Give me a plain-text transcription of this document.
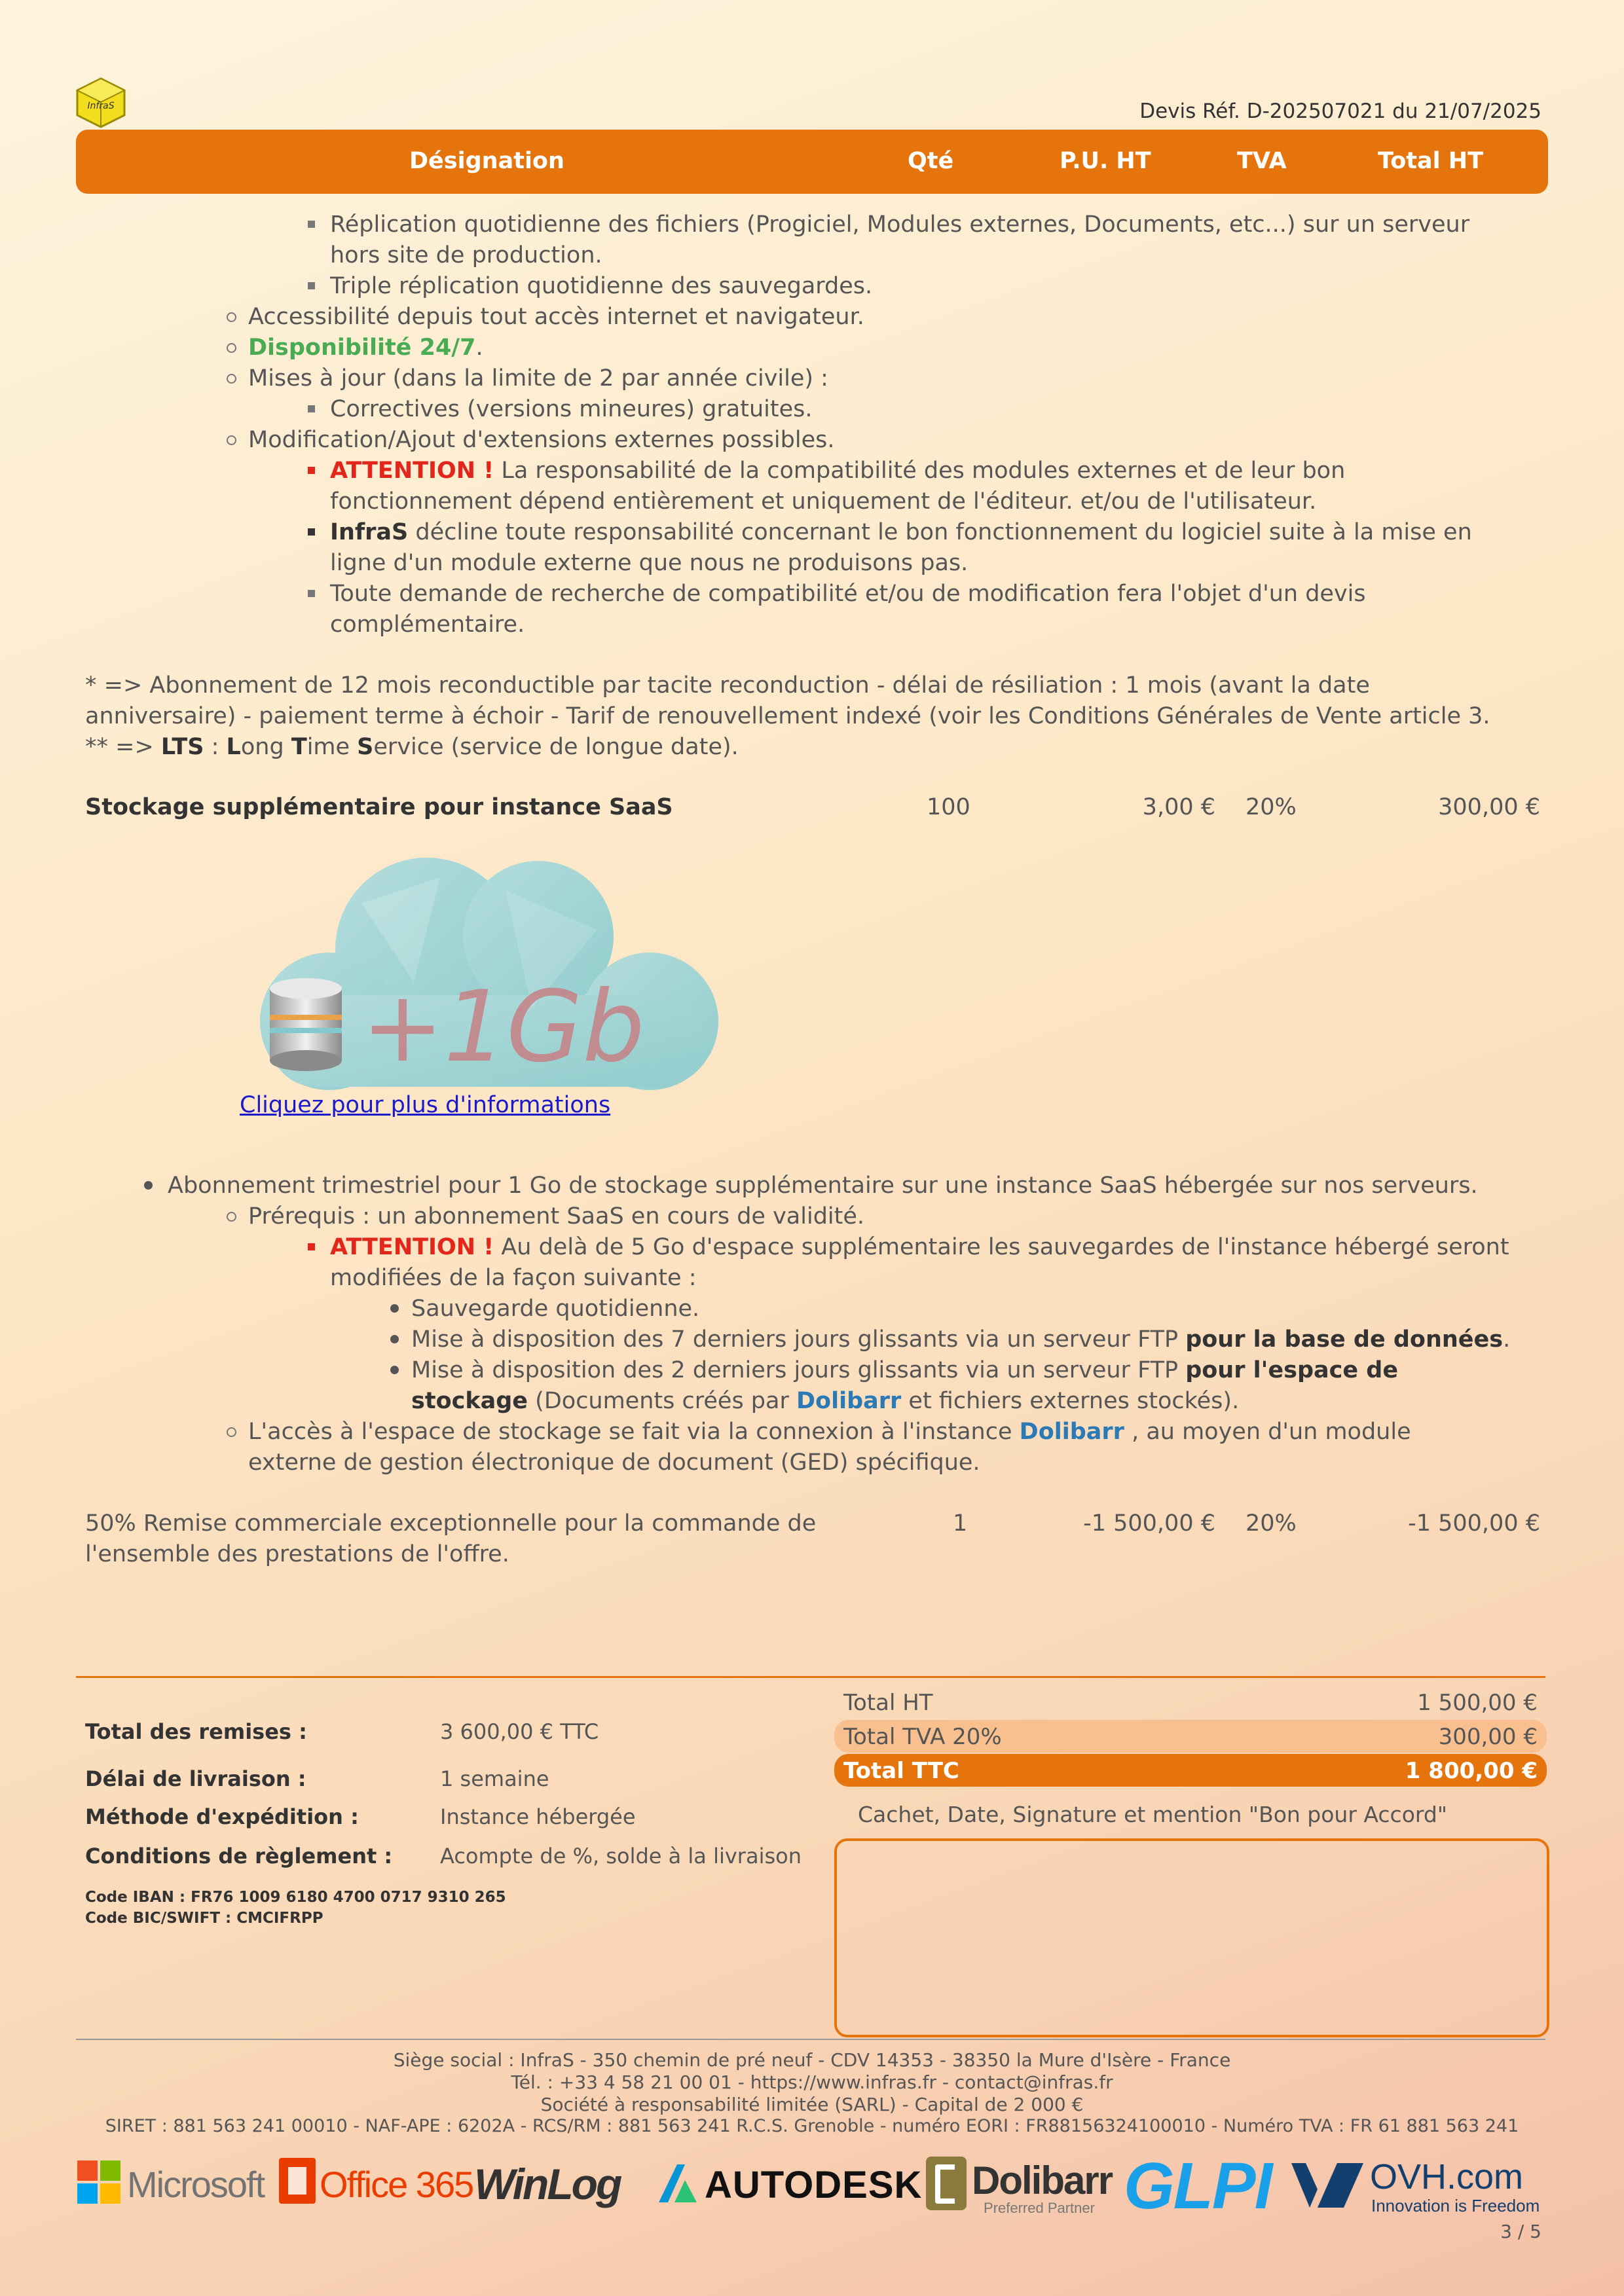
InfraS	Devis Réf. D-202507021 du 21/07/2025
Désignation	Qté	P.U. HT	TVA	Total HT
Réplication quotidienne des fichiers (Progiciel, Modules externes, Documents, etc...) sur un serveur
hors site de production.
Triple réplication quotidienne des sauvegardes.
Accessibilité depuis tout accès internet et navigateur.
Disponibilité 24/7.
Mises à jour (dans la limite de 2 par année civile) :
Correctives (versions mineures) gratuites.
Modification/Ajout d'extensions externes possibles.
ATTENTION ! La responsabilité de la compatibilité des modules externes et de leur bon
fonctionnement dépend entièrement et uniquement de l'éditeur. et/ou de l'utilisateur.
InfraS décline toute responsabilité concernant le bon fonctionnement du logiciel suite à la mise en
ligne d'un module externe que nous ne produisons pas.
Toute demande de recherche de compatibilité et/ou de modification fera l'objet d'un devis
complémentaire.
* => Abonnement de 12 mois reconductible par tacite reconduction - délai de résiliation : 1 mois (avant la date
anniversaire) - paiement terme à échoir - Tarif de renouvellement indexé (voir les Conditions Générales de Vente article 3.
** => LTS : Long Time Service (service de longue date).
Stockage supplémentaire pour instance SaaS	100	3,00 € 20%	300,00 €
+1Gb
Cliquez pour plus d'informations
Abonnement trimestriel pour 1 Go de stockage supplémentaire sur une instance SaaS hébergée sur nos serveurs.
Prérequis : un abonnement SaaS en cours de validité.
ATTENTION ! Au delà de 5 Go d'espace supplémentaire les sauvegardes de l'instance hébergé seront
modifiées de la façon suivante :
Sauvegarde quotidienne.
Mise à disposition des 7 derniers jours glissants via un serveur FTP pour la base de données.
Mise à disposition des 2 derniers jours glissants via un serveur FTP pour l'espace de
stockage (Documents créés par Dolibarr et fichiers externes stockés).
L'accès à l'espace de stockage se fait via la connexion à l'instance Dolibarr , au moyen d'un module
externe de gestion électronique de document (GED) spécifique.
50% Remise commerciale exceptionnelle pour la commande de
l'ensemble des prestations de l'offre.
1	-1 500,00 € 20%	-1 500,00 €
Total des remises :	3 600,00 € TTC
Délai de livraison :	1 semaine
Méthode d'expédition :	Instance hébergée
Conditions de règlement : Acompte de %, solde à la livraison
Code IBAN : FR76 1009 6180 4700 0717 9310 265
Code BIC/SWIFT : CMCIFRPP
Total HT	1 500,00 €
Total TVA 20%	300,00 €
Total TTC	1 800,00 €
Cachet, Date, Signature et mention "Bon pour Accord"
Siège social : InfraS - 350 chemin de pré neuf - CDV 14353 - 38350 la Mure d'Isère - France
Tél. : +33 4 58 21 00 01 - https://www.infras.fr - contact@infras.fr
Société à responsabilité limitée (SARL) - Capital de 2 000 €
SIRET : 881 563 241 00010 - NAF-APE : 6202A - RCS/RM : 881 563 241 R.C.S. Grenoble - numéro EORI : FR88156324100010 - Numéro TVA : FR 61 881 563 241
Microsoft Office 365 WinLog AUTODESK Dolibarr
Preferred Partner GLPI	OVH.com
Innovation is Freedom
3 / 5
